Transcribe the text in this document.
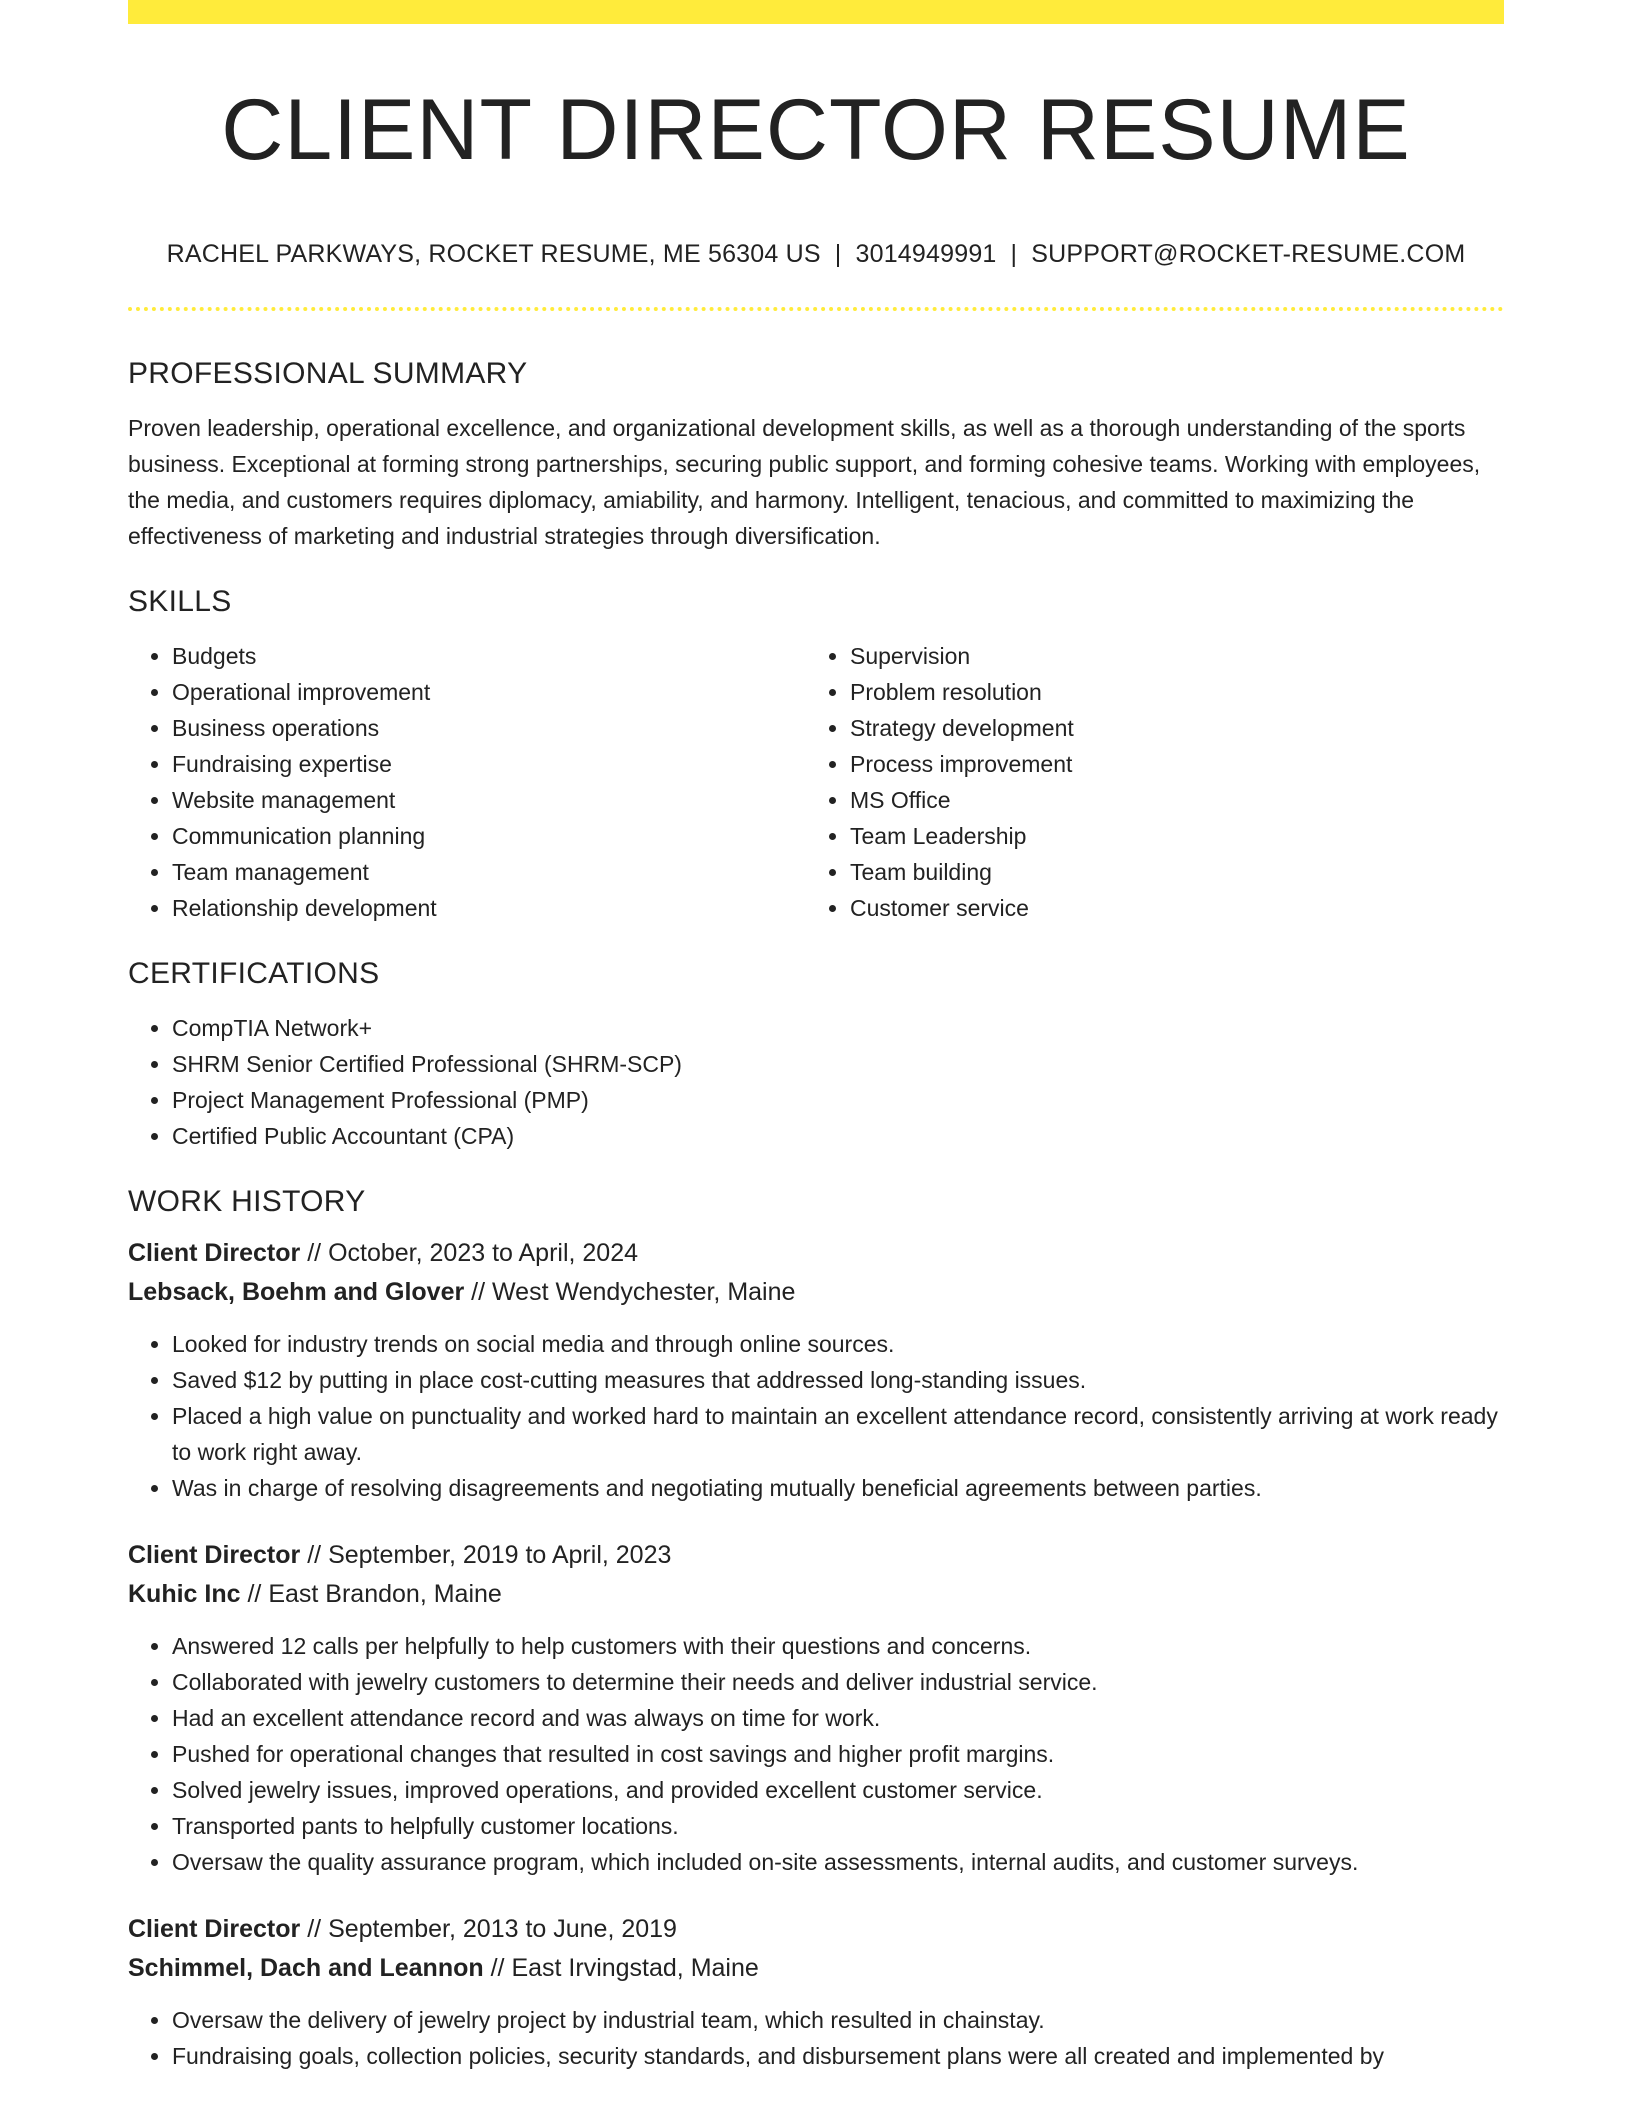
CLIENT DIRECTOR RESUME
RACHEL PARKWAYS, ROCKET RESUME, ME 56304 US | 3014949991 | SUPPORT@ROCKET-RESUME.COM
PROFESSIONAL SUMMARY

Proven leadership, operational excellence, and organizational development skills, as well as a thorough understanding of the sports business. Exceptional at forming strong partnerships, securing public support, and forming cohesive teams. Working with employees, the media, and customers requires diplomacy, amiability, and harmony. Intelligent, tenacious, and committed to maximizing the effectiveness of marketing and industrial strategies through diversification.

SKILLS
• Budgets
• Operational improvement
• Business operations
• Fundraising expertise
• Website management
• Communication planning
• Team management
• Relationship development
• Supervision
• Problem resolution
• Strategy development
• Process improvement
• MS Office
• Team Leadership
• Team building
• Customer service
CERTIFICATIONS
• CompTIA Network+
• SHRM Senior Certified Professional (SHRM-SCP)
• Project Management Professional (PMP)
• Certified Public Accountant (CPA)
WORK HISTORY
Client Director // October, 2023 to April, 2024
Lebsack, Boehm and Glover // West Wendychester, Maine
• Looked for industry trends on social media and through online sources.
• Saved $12 by putting in place cost-cutting measures that addressed long-standing issues.
• Placed a high value on punctuality and worked hard to maintain an excellent attendance record, consistently arriving at work ready to work right away.
• Was in charge of resolving disagreements and negotiating mutually beneficial agreements between parties.
Client Director // September, 2019 to April, 2023
Kuhic Inc // East Brandon, Maine
• Answered 12 calls per helpfully to help customers with their questions and concerns.
• Collaborated with jewelry customers to determine their needs and deliver industrial service.
• Had an excellent attendance record and was always on time for work.
• Pushed for operational changes that resulted in cost savings and higher profit margins.
• Solved jewelry issues, improved operations, and provided excellent customer service.
• Transported pants to helpfully customer locations.
• Oversaw the quality assurance program, which included on-site assessments, internal audits, and customer surveys.
Client Director // September, 2013 to June, 2019
Schimmel, Dach and Leannon // East Irvingstad, Maine
• Oversaw the delivery of jewelry project by industrial team, which resulted in chainstay.
• Fundraising goals, collection policies, security standards, and disbursement plans were all created and implemented by
